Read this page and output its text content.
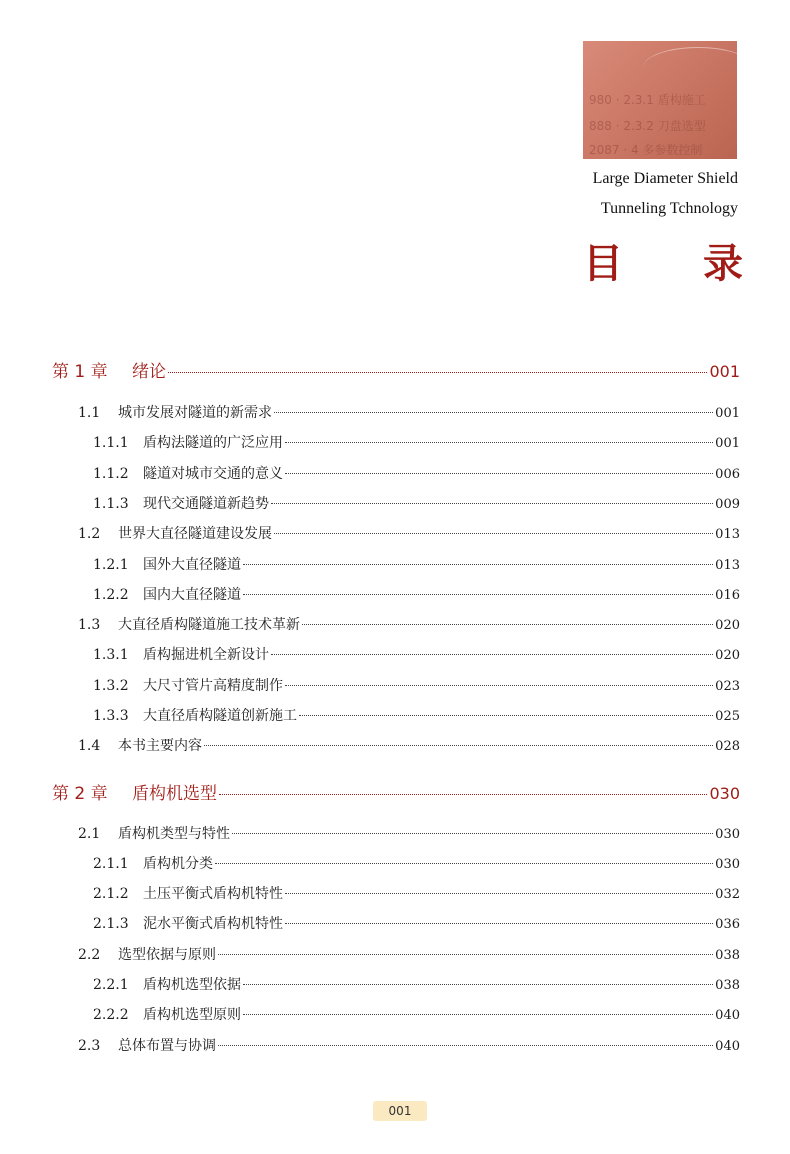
980 · 2.3.1 盾构施工
888 · 2.3.2 刀盘选型
2087 · 4 多参数控制
Large Diameter Shield
Tunneling Tchnology
目 录
第 1 章	绪论	001
1.1	城市发展对隧道的新需求	001
1.1.1	盾构法隧道的广泛应用	001
1.1.2	隧道对城市交通的意义	006
1.1.3	现代交通隧道新趋势	009
1.2	世界大直径隧道建设发展	013
1.2.1	国外大直径隧道	013
1.2.2	国内大直径隧道	016
1.3	大直径盾构隧道施工技术革新	020
1.3.1	盾构掘进机全新设计	020
1.3.2	大尺寸管片高精度制作	023
1.3.3	大直径盾构隧道创新施工	025
1.4	本书主要内容	028
第 2 章	盾构机选型	030
2.1	盾构机类型与特性	030
2.1.1	盾构机分类	030
2.1.2	土压平衡式盾构机特性	032
2.1.3	泥水平衡式盾构机特性	036
2.2	选型依据与原则	038
2.2.1	盾构机选型依据	038
2.2.2	盾构机选型原则	040
2.3	总体布置与协调	040
001
